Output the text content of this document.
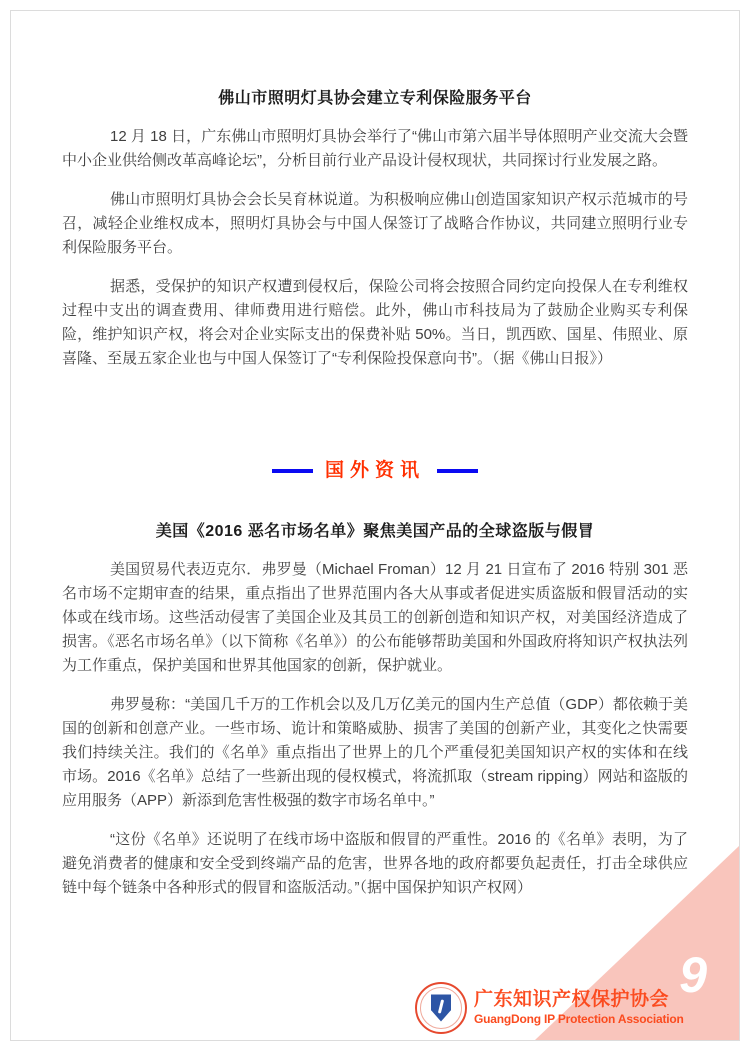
佛山市照明灯具协会建立专利保险服务平台

12 月 18 日，广东佛山市照明灯具协会举行了“佛山市第六届半导体照明产业交流大会暨中小企业供给侧改革高峰论坛”，分析目前行业产品设计侵权现状，共同探讨行业发展之路。

佛山市照明灯具协会会长吴育林说道。为积极响应佛山创造国家知识产权示范城市的号召，减轻企业维权成本，照明灯具协会与中国人保签订了战略合作协议，共同建立照明行业专利保险服务平台。

据悉，受保护的知识产权遭到侵权后，保险公司将会按照合同约定向投保人在专利维权过程中支出的调查费用、律师费用进行赔偿。此外，佛山市科技局为了鼓励企业购买专利保险，维护知识产权，将会对企业实际支出的保费补贴 50%。当日，凯西欧、国星、伟照业、原喜隆、至晟五家企业也与中国人保签订了“专利保险投保意向书”。（据《佛山日报》）

国外资讯
美国《2016 恶名市场名单》聚焦美国产品的全球盗版与假冒

美国贸易代表迈克尔．弗罗曼（Michael Froman）12 月 21 日宣布了 2016 特别 301 恶名市场不定期审查的结果，重点指出了世界范围内各大从事或者促进实质盗版和假冒活动的实体或在线市场。这些活动侵害了美国企业及其员工的创新创造和知识产权，对美国经济造成了损害。《恶名市场名单》（以下简称《名单》）的公布能够帮助美国和外国政府将知识产权执法列为工作重点，保护美国和世界其他国家的创新，保护就业。

弗罗曼称：“美国几千万的工作机会以及几万亿美元的国内生产总值（GDP）都依赖于美国的创新和创意产业。一些市场、诡计和策略威胁、损害了美国的创新产业，其变化之快需要我们持续关注。我们的《名单》重点指出了世界上的几个严重侵犯美国知识产权的实体和在线市场。2016《名单》总结了一些新出现的侵权模式，将流抓取（stream ripping）网站和盗版的应用服务（APP）新添到危害性极强的数字市场名单中。”

“这份《名单》还说明了在线市场中盗版和假冒的严重性。2016 的《名单》表明，为了避免消费者的健康和安全受到终端产品的危害，世界各地的政府都要负起责任，打击全球供应链中每个链条中各种形式的假冒和盗版活动。”（据中国保护知识产权网）

9
广东知识产权保护协会
GuangDong IP Protection Association
